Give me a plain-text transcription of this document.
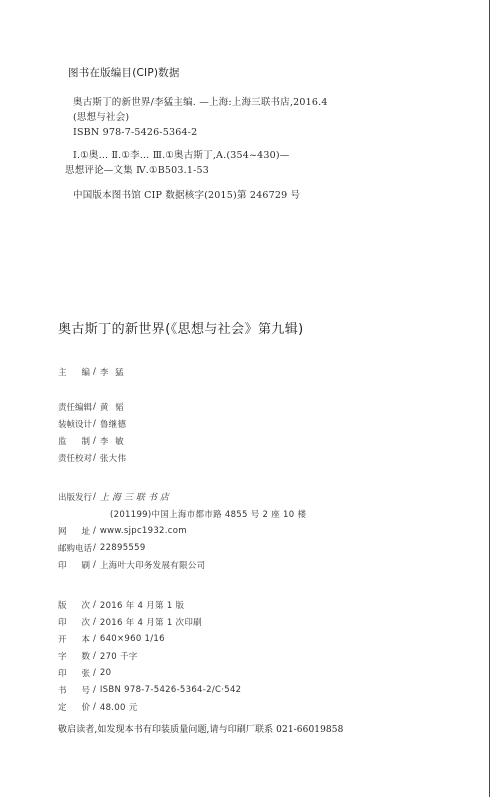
图书在版编目(CIP)数据
奥古斯丁的新世界/李猛主编. —上海:上海三联书店,2016.4
(思想与社会)
ISBN 978-7-5426-5364-2
Ⅰ.①奥… Ⅱ.①李… Ⅲ.①奥古斯丁,A.(354~430)—
思想评论—文集 Ⅳ.①B503.1-53
中国版本图书馆 CIP 数据核字(2015)第 246729 号
奥古斯丁的新世界(《思想与社会》第九辑)
主 编 / 李 猛
责任编辑 / 黄 韬
装帧设计 / 鲁继德
监 制 / 李 敏
责任校对 / 张大伟
出版发行 / 上海三联书店
(201199)中国上海市都市路 4855 号 2 座 10 楼
网 址 / www.sjpc1932.com
邮购电话 / 22895559
印 刷 / 上海叶大印务发展有限公司
版 次 / 2016 年 4 月第 1 版
印 次 / 2016 年 4 月第 1 次印刷
开 本 / 640×960 1/16
字 数 / 270 千字
印 张 / 20
书 号 / ISBN 978-7-5426-5364-2/C·542
定 价 / 48.00 元
敬启读者,如发现本书有印装质量问题,请与印刷厂联系 021-66019858
